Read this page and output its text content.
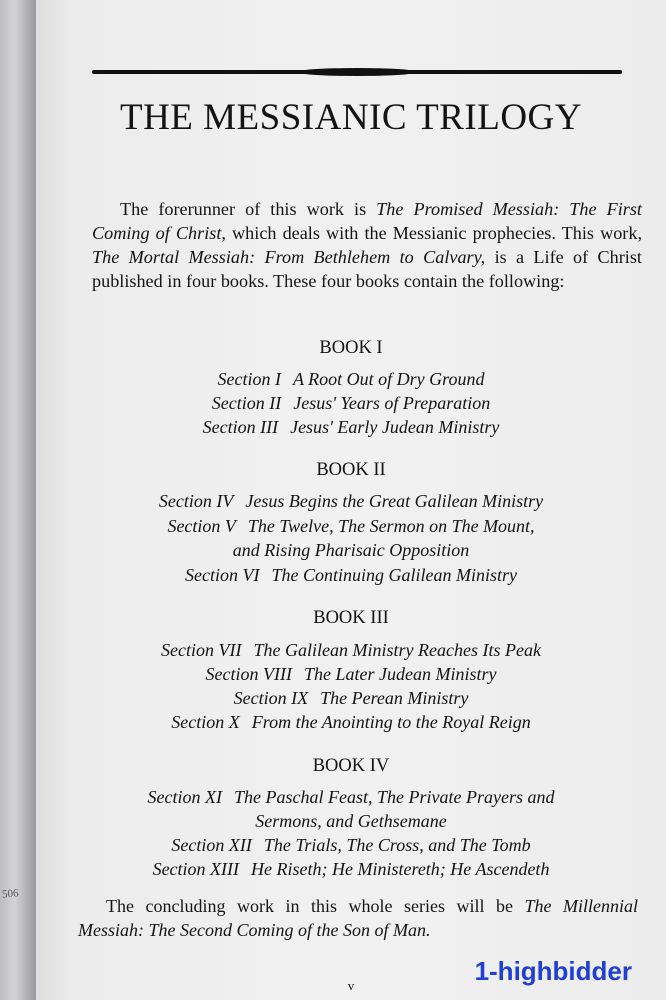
506
THE MESSIANIC TRILOGY

The forerunner of this work is The Promised Messiah: The First Coming of Christ, which deals with the Messianic prophecies. This work, The Mortal Messiah: From Bethlehem to Calvary, is a Life of Christ published in four books. These four books contain the following:

BOOK I
Section I A Root Out of Dry Ground
Section II Jesus' Years of Preparation
Section III Jesus' Early Judean Ministry
BOOK II
Section IV Jesus Begins the Great Galilean Ministry
Section V The Twelve, The Sermon on The Mount,
and Rising Pharisaic Opposition
Section VI The Continuing Galilean Ministry
BOOK III
Section VII The Galilean Ministry Reaches Its Peak
Section VIII The Later Judean Ministry
Section IX The Perean Ministry
Section X From the Anointing to the Royal Reign
BOOK IV
Section XI The Paschal Feast, The Private Prayers and
Sermons, and Gethsemane
Section XII The Trials, The Cross, and The Tomb
Section XIII He Riseth; He Ministereth; He Ascendeth

The concluding work in this whole series will be The Millennial Messiah: The Second Coming of the Son of Man.

v	1-highbidder
